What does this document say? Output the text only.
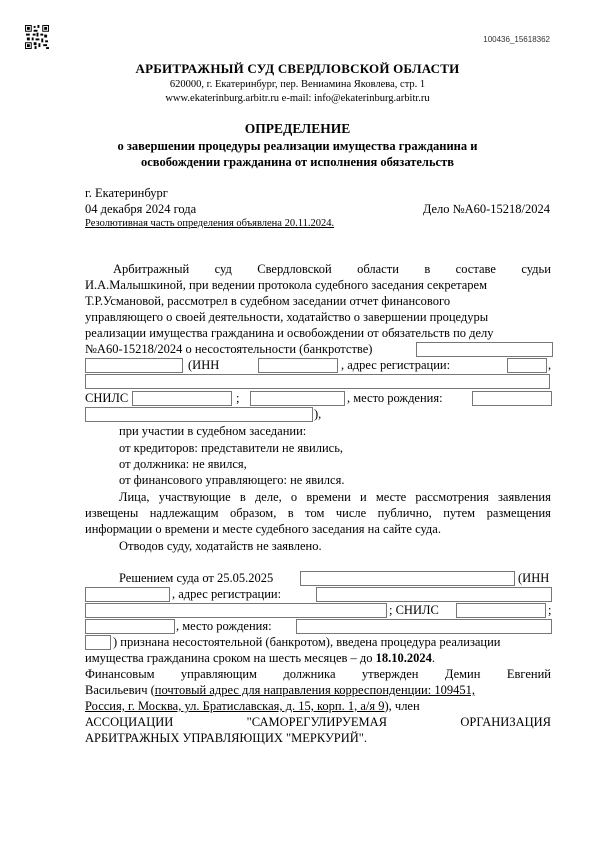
100436_15618362
АРБИТРАЖНЫЙ СУД СВЕРДЛОВСКОЙ ОБЛАСТИ
620000, г. Екатеринбург, пер. Вениамина Яковлева, стр. 1
www.ekaterinburg.arbitr.ru e-mail: info@ekaterinburg.arbitr.ru
ОПРЕДЕЛЕНИЕ
о завершении процедуры реализации имущества гражданина и
освобождении гражданина от исполнения обязательств
г. Екатеринбург
04 декабря 2024 года	Дело №А60-15218/2024
Резолютивная часть определения объявлена 20.11.2024.
Арбитражный суд Свердловской области в составе судьи
И.А.Малышкиной, при ведении протокола судебного заседания секретарем
Т.Р.Усмановой, рассмотрел в судебном заседании отчет финансового
управляющего о своей деятельности, ходатайство о завершении процедуры
реализации имущества гражданина и освобождении от обязательств по делу
№А60-15218/2024 о несостоятельности (банкротстве)
(ИНН	, адрес регистрации:	,
СНИЛС	;	, место рождения:
),
при участии в судебном заседании:
от кредиторов: представители не явились,
от должника: не явился,
от финансового управляющего: не явился.
Лица, участвующие в деле, о времени и месте рассмотрения заявления
извещены надлежащим образом, в том числе публично, путем размещения
информации о времени и месте судебного заседания на сайте суда.
Отводов суду, ходатайств не заявлено.
Решением суда от 25.05.2025	(ИНН
, адрес регистрации:
; СНИЛС	;
, место рождения:
) признана несостоятельной (банкротом), введена процедура реализации
имущества гражданина сроком на шесть месяцев – до 18.10.2024.
Финансовым управляющим должника утвержден Демин Евгений
Васильевич (почтовый адрес для направления корреспонденции: 109451,
Россия, г. Москва, ул. Братиславская, д. 15, корп. 1, а/я 9), член
АССОЦИАЦИИ	"САМОРЕГУЛИРУЕМАЯ	ОРГАНИЗАЦИЯ
АРБИТРАЖНЫХ УПРАВЛЯЮЩИХ "МЕРКУРИЙ".
